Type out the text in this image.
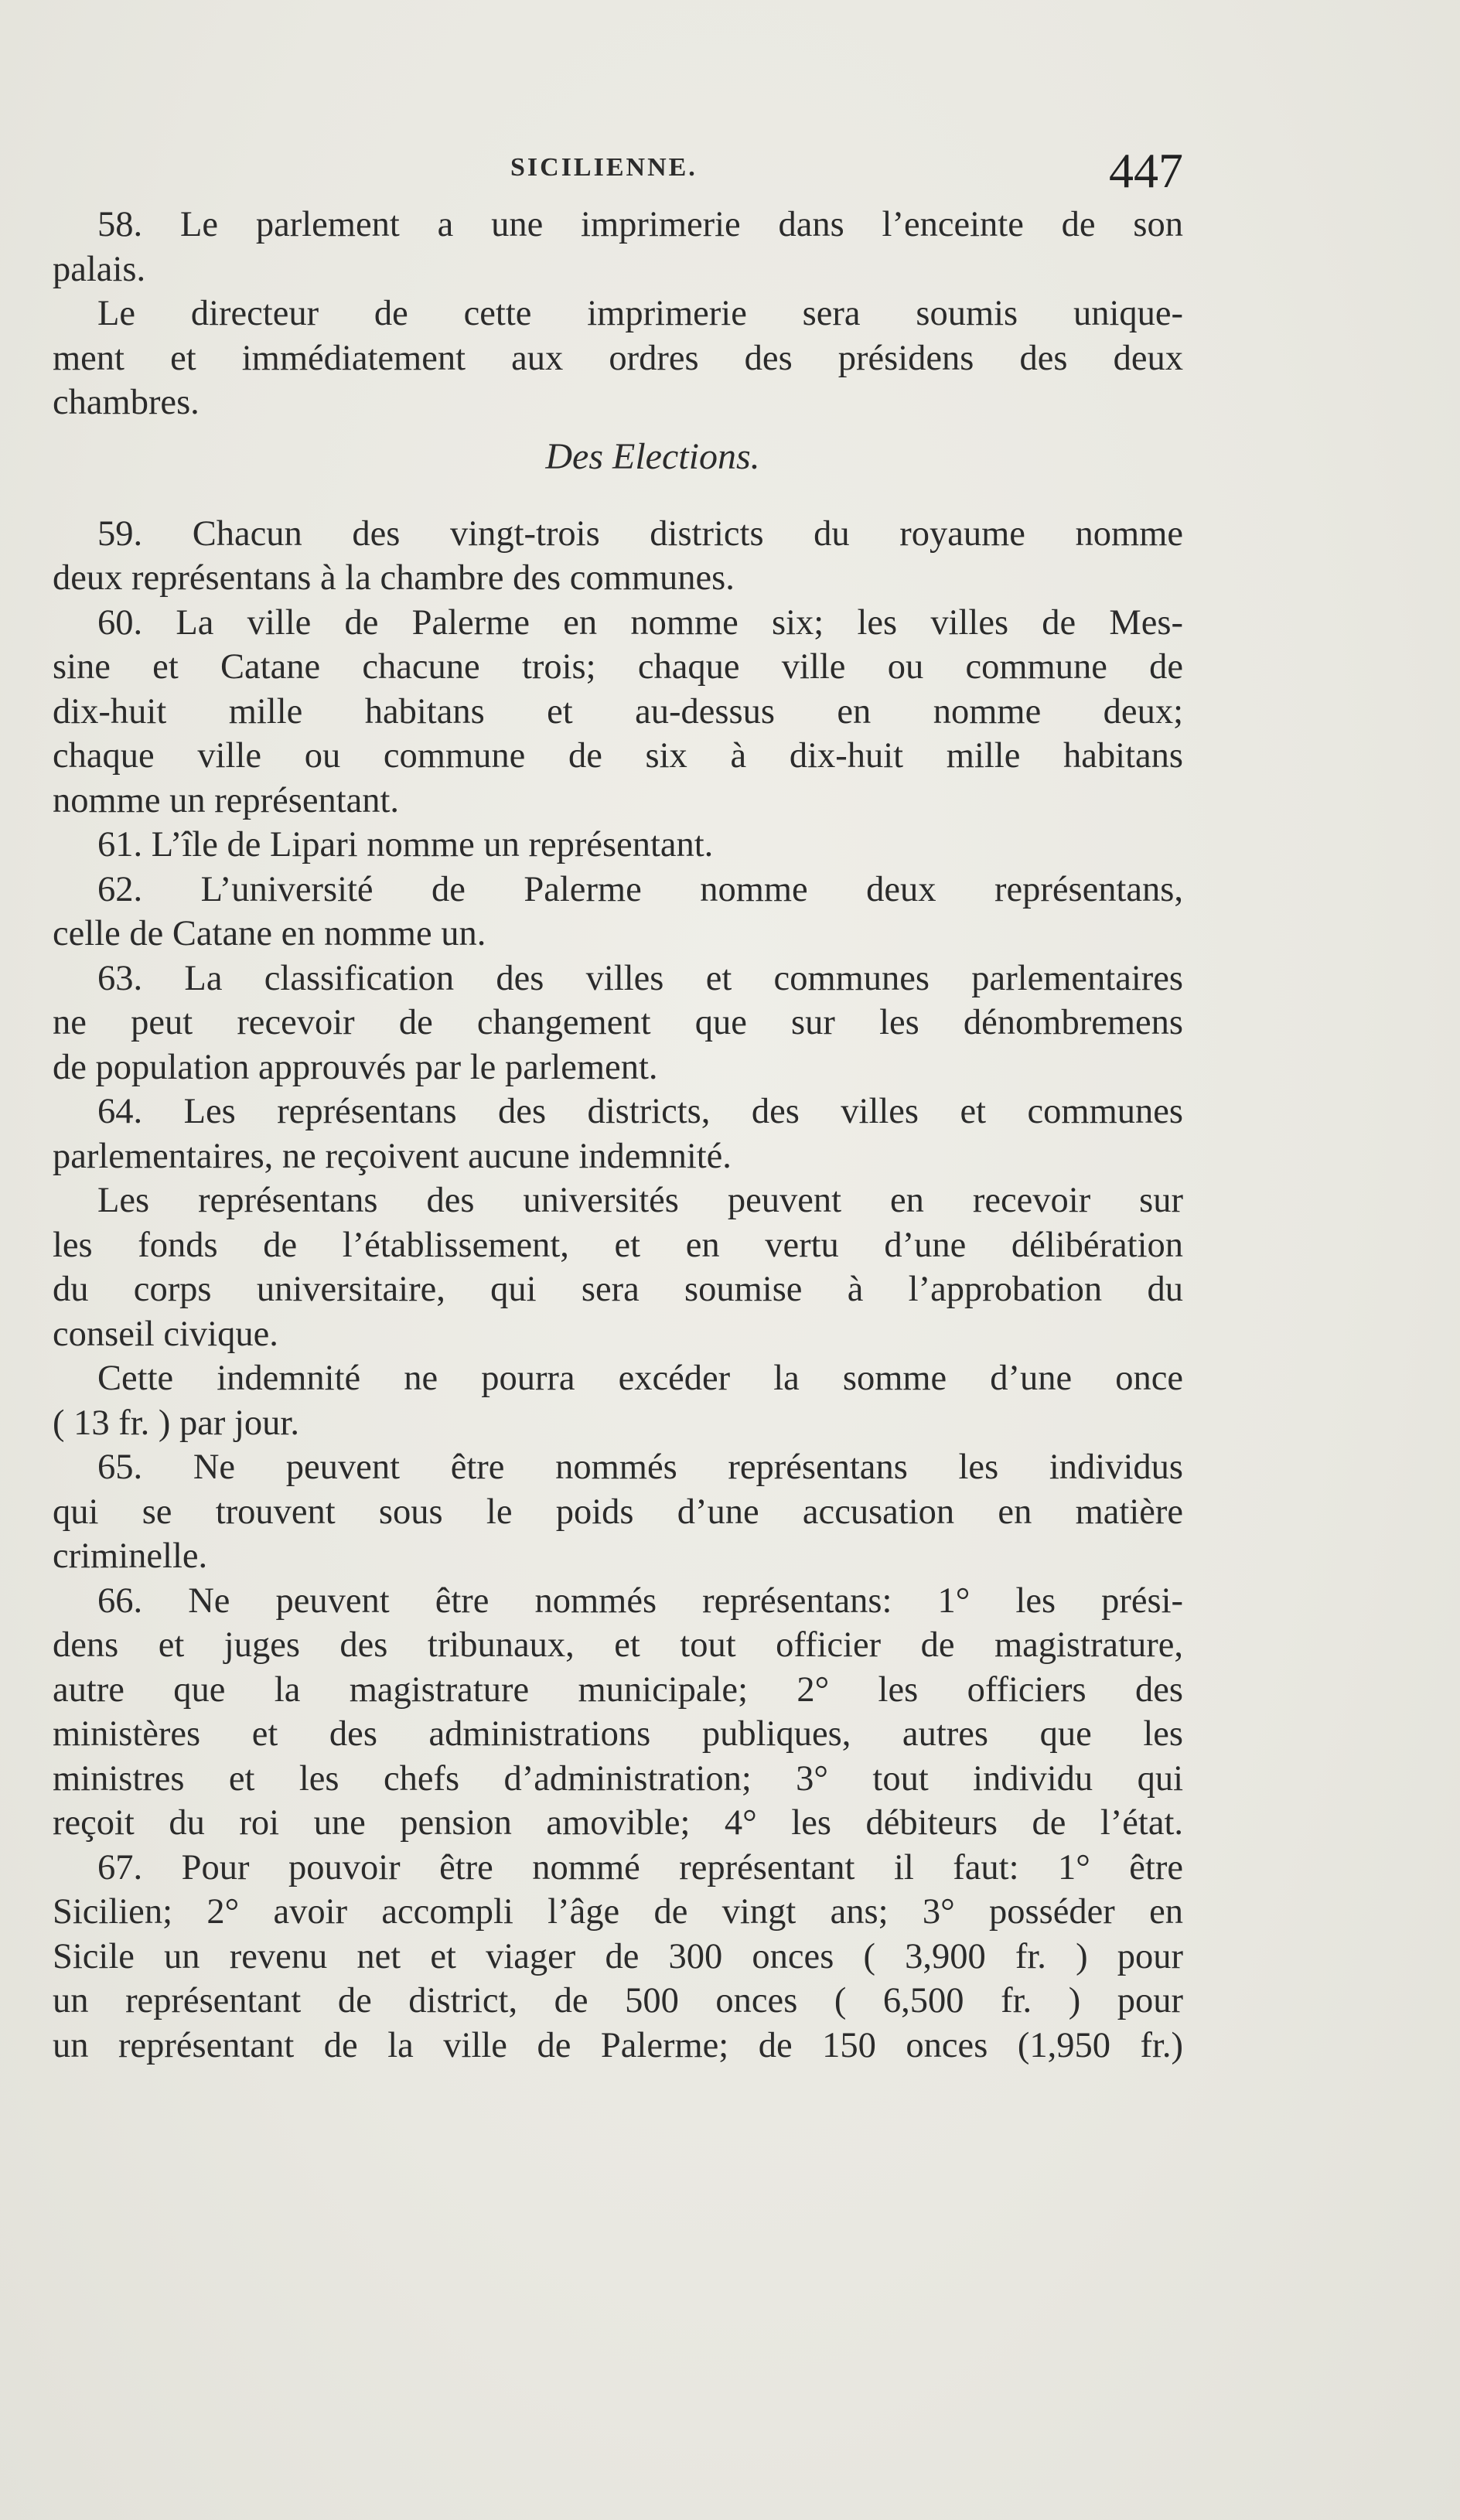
SICILIENNE.	447
58. Le parlement a une imprimerie dans l’enceinte de son
palais.
Le directeur de cette imprimerie sera soumis unique-
ment et immédiatement aux ordres des présidens des deux
chambres.
Des Elections.
59. Chacun des vingt-trois districts du royaume nomme
deux représentans à la chambre des communes.
60. La ville de Palerme en nomme six; les villes de Mes-
sine et Catane chacune trois; chaque ville ou commune de
dix-huit mille habitans et au-dessus en nomme deux;
chaque ville ou commune de six à dix-huit mille habitans
nomme un représentant.
61. L’île de Lipari nomme un représentant.
62. L’université de Palerme nomme deux représentans,
celle de Catane en nomme un.
63. La classification des villes et communes parlementaires
ne peut recevoir de changement que sur les dénombremens
de population approuvés par le parlement.
64. Les représentans des districts, des villes et communes
parlementaires, ne reçoivent aucune indemnité.
Les représentans des universités peuvent en recevoir sur
les fonds de l’établissement, et en vertu d’une délibération
du corps universitaire, qui sera soumise à l’approbation du
conseil civique.
Cette indemnité ne pourra excéder la somme d’une once
( 13 fr. ) par jour.
65. Ne peuvent être nommés représentans les individus
qui se trouvent sous le poids d’une accusation en matière
criminelle.
66. Ne peuvent être nommés représentans: 1° les prési-
dens et juges des tribunaux, et tout officier de magistrature,
autre que la magistrature municipale; 2° les officiers des
ministères et des administrations publiques, autres que les
ministres et les chefs d’administration; 3° tout individu qui
reçoit du roi une pension amovible; 4° les débiteurs de l’état.
67. Pour pouvoir être nommé représentant il faut: 1° être
Sicilien; 2° avoir accompli l’âge de vingt ans; 3° posséder en
Sicile un revenu net et viager de 300 onces ( 3,900 fr. ) pour
un représentant de district, de 500 onces ( 6,500 fr. ) pour
un représentant de la ville de Palerme; de 150 onces (1,950 fr.)
